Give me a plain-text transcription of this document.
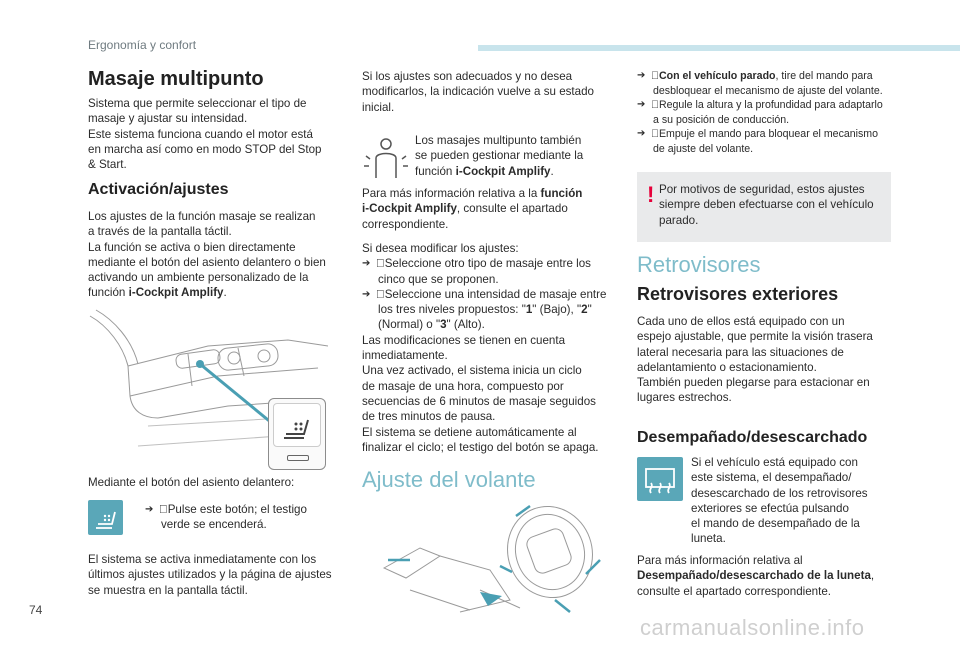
Ergonomía y confort
Masaje multipunto
Sistema que permite seleccionar el tipo de
masaje y ajustar su intensidad.
Este sistema funciona cuando el motor está
en marcha así como en modo STOP del Stop
& Start.
Activación/ajustes
Los ajustes de la función masaje se realizan
a través de la pantalla táctil.
La función se activa o bien directamente
mediante el botón del asiento delantero o bien
activando un ambiente personalizado de la
función i-Cockpit Amplify.
Mediante el botón del asiento delantero:
➔ Pulse este botón; el testigo
verde se encenderá.
El sistema se activa inmediatamente con los
últimos ajustes utilizados y la página de ajustes
se muestra en la pantalla táctil.
Si los ajustes son adecuados y no desea
modificarlos, la indicación vuelve a su estado
inicial.
Los masajes multipunto también
se pueden gestionar mediante la
función i-Cockpit Amplify.
Para más información relativa a la función
i-Cockpit Amplify, consulte el apartado
correspondiente.
Si desea modificar los ajustes:
➔ Seleccione otro tipo de masaje entre los
cinco que se proponen.
➔ Seleccione una intensidad de masaje entre
los tres niveles propuestos: "1" (Bajo), "2"
(Normal) o "3" (Alto).
Las modificaciones se tienen en cuenta
inmediatamente.
Una vez activado, el sistema inicia un ciclo
de masaje de una hora, compuesto por
secuencias de 6 minutos de masaje seguidos
de tres minutos de pausa.
El sistema se detiene automáticamente al
finalizar el ciclo; el testigo del botón se apaga.
Ajuste del volante
➔ Con el vehículo parado, tire del mando para
desbloquear el mecanismo de ajuste del volante.
➔ Regule la altura y la profundidad para adaptarlo
a su posición de conducción.
➔ Empuje el mando para bloquear el mecanismo
de ajuste del volante.
! Por motivos de seguridad, estos ajustes
siempre deben efectuarse con el vehículo
parado.
Retrovisores
Retrovisores exteriores
Cada uno de ellos está equipado con un
espejo ajustable, que permite la visión trasera
lateral necesaria para las situaciones de
adelantamiento o estacionamiento.
También pueden plegarse para estacionar en
lugares estrechos.
Desempañado/desescarchado
Si el vehículo está equipado con
este sistema, el desempañado/
desescarchado de los retrovisores
exteriores se efectúa pulsando
el mando de desempañado de la
luneta.
Para más información relativa al
Desempañado/desescarchado de la luneta,
consulte el apartado correspondiente.
74
carmanualsonline.info
